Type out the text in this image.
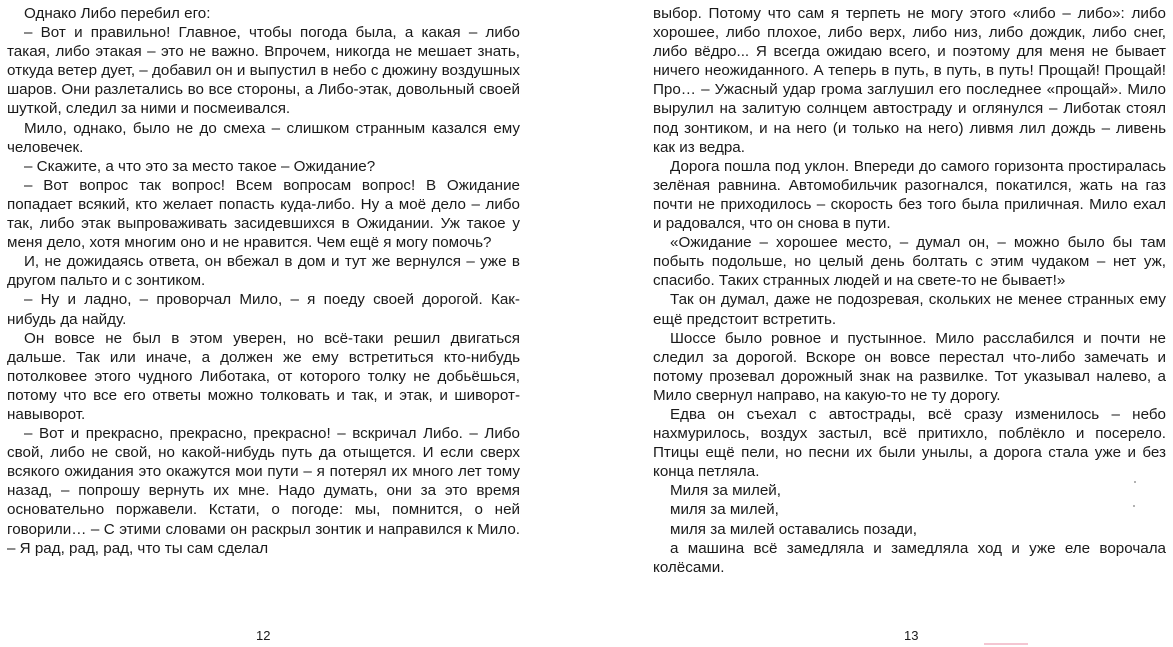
Однако Либо перебил его:

– Вот и правильно! Главное, чтобы погода была, а какая – либо такая, либо этакая – это не важно. Впрочем, никогда не мешает знать, откуда ветер дует, – добавил он и выпустил в небо с дюжину воздушных шаров. Они разлетались во все стороны, а Либо-этак, довольный своей шуткой, следил за ними и посмеивался.

Мило, однако, было не до смеха – слишком странным казался ему человечек.

– Скажите, а что это за место такое – Ожидание?

– Вот вопрос так вопрос! Всем вопросам вопрос! В Ожидание попадает всякий, кто желает попасть куда-либо. Ну а моё дело – либо так, либо этак выпроваживать засидевшихся в Ожидании. Уж такое у меня дело, хотя многим оно и не нравится. Чем ещё я могу помочь?

И, не дожидаясь ответа, он вбежал в дом и тут же вернулся – уже в другом пальто и с зонтиком.

– Ну и ладно, – проворчал Мило, – я поеду своей дорогой. Как-нибудь да найду.

Он вовсе не был в этом уверен, но всё-таки решил двигаться дальше. Так или иначе, а должен же ему встретиться кто-нибудь потолковее этого чудного Либотака, от которого толку не добьёшься, потому что все его ответы можно толковать и так, и этак, и шиворот-навыворот.

– Вот и прекрасно, прекрасно, прекрасно! – вскричал Либо. – Либо свой, либо не свой, но какой-нибудь путь да отыщется. И если сверх всякого ожидания это окажутся мои пути – я потерял их много лет тому назад, – попрошу вернуть их мне. Надо думать, они за это время основательно поржавели. Кстати, о погоде: мы, помнится, о ней говорили… – С этими словами он раскрыл зонтик и направился к Мило. – Я рад, рад, рад, что ты сам сделал

выбор. Потому что сам я терпеть не могу этого «либо – либо»: либо хорошее, либо плохое, либо верх, либо низ, либо дождик, либо снег, либо вёдро... Я всегда ожидаю всего, и поэтому для меня не бывает ничего неожиданного. А теперь в путь, в путь, в путь! Прощай! Прощай! Про… – Ужасный удар грома заглушил его последнее «прощай». Мило вырулил на залитую солнцем автостраду и оглянулся – Либотак стоял под зонтиком, и на него (и только на него) ливмя лил дождь – ливень как из ведра.

Дорога пошла под уклон. Впереди до самого горизонта простиралась зелёная равнина. Автомобильчик разогнался, покатился, жать на газ почти не приходилось – скорость без того была приличная. Мило ехал и радовался, что он снова в пути.

«Ожидание – хорошее место, – думал он, – можно было бы там побыть подольше, но целый день болтать с этим чудаком – нет уж, спасибо. Таких странных людей и на свете-то не бывает!»

Так он думал, даже не подозревая, скольких не менее странных ему ещё предстоит встретить.

Шоссе было ровное и пустынное. Мило расслабился и почти не следил за дорогой. Вскоре он вовсе перестал что-либо замечать и потому прозевал дорожный знак на развилке. Тот указывал налево, а Мило свернул направо, на какую-то не ту дорогу.

Едва он съехал с автострады, всё сразу изменилось – небо нахмурилось, воздух застыл, всё притихло, поблёкло и посерело. Птицы ещё пели, но песни их были унылы, а дорога стала уже и без конца петляла.

Миля за милей,

миля за милей,

миля за милей оставались позади,

а машина всё замедляла и замедляла ход и уже еле ворочала колёсами.

12	13
